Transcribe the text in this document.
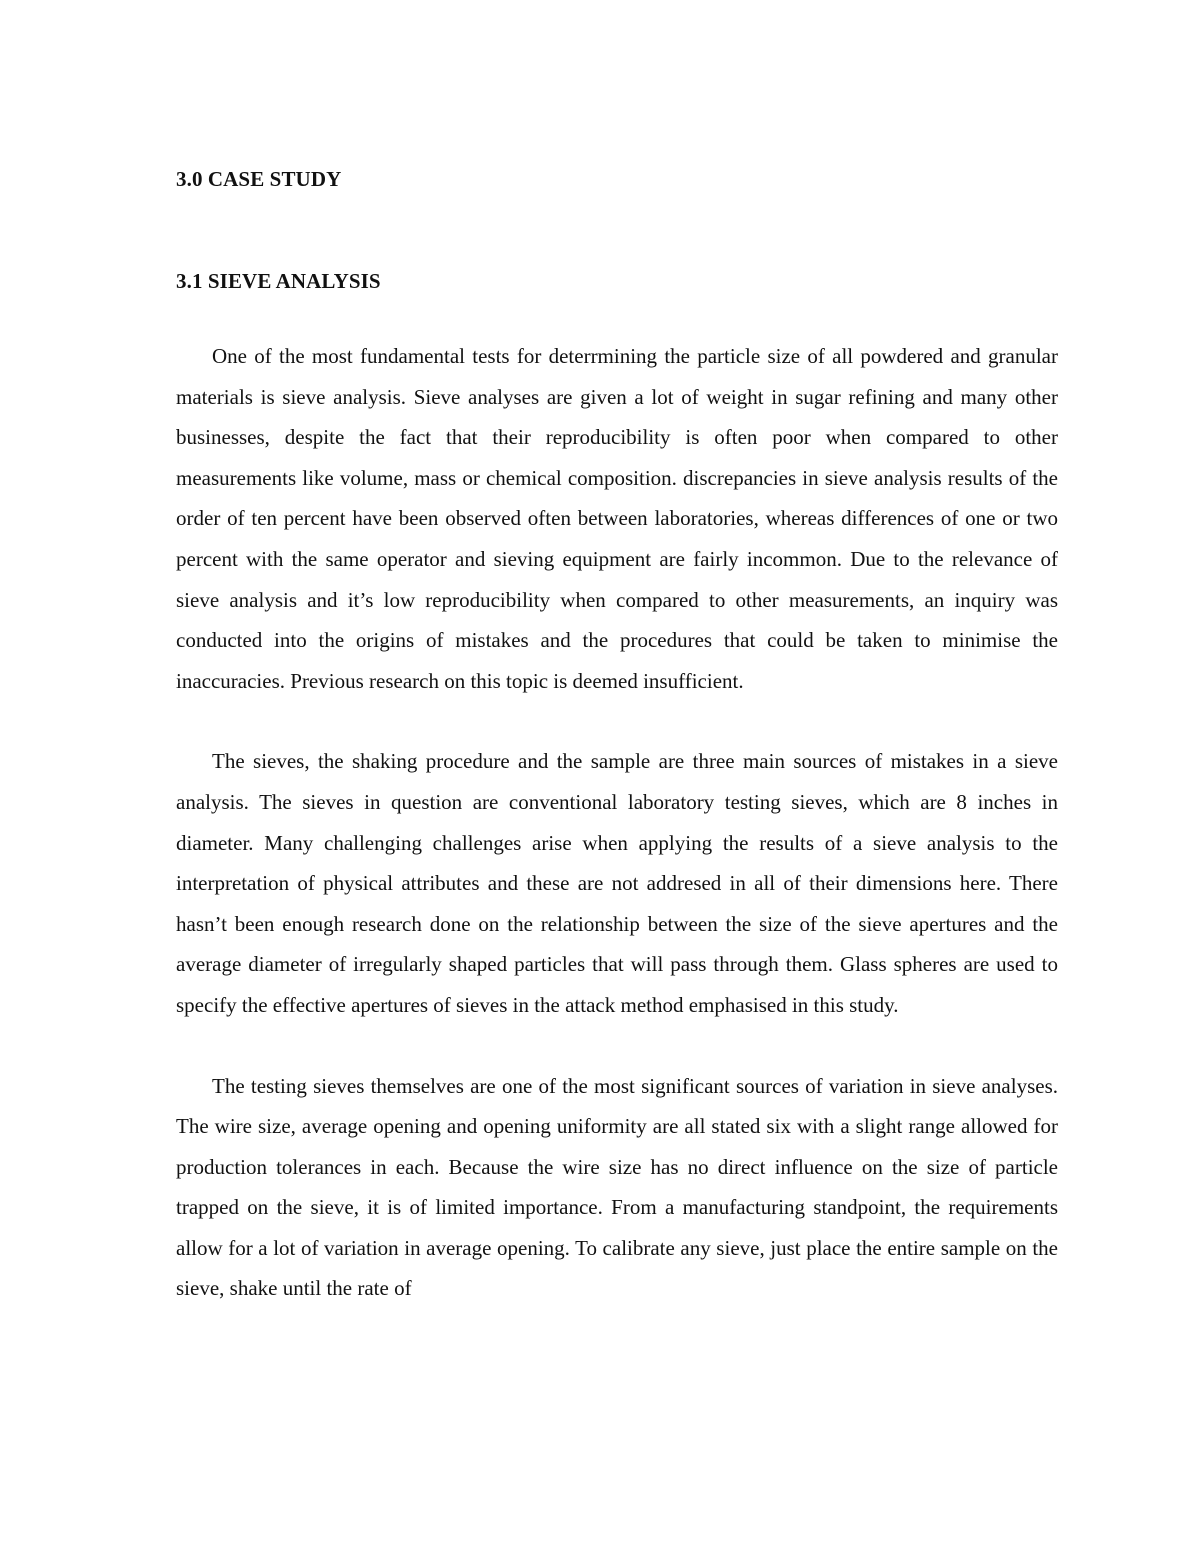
3.0 CASE STUDY
3.1 SIEVE ANALYSIS

One of the most fundamental tests for deterrmining the particle size of all powdered and granular materials is sieve analysis. Sieve analyses are given a lot of weight in sugar refining and many other businesses, despite the fact that their reproducibility is often poor when compared to other measurements like volume, mass or chemical composition. discrepancies in sieve analysis results of the order of ten percent have been observed often between laboratories, whereas differences of one or two percent with the same operator and sieving equipment are fairly incommon. Due to the relevance of sieve analysis and it’s low reproducibility when compared to other measurements, an inquiry was conducted into the origins of mistakes and the procedures that could be taken to minimise the inaccuracies. Previous research on this topic is deemed insufficient.

The sieves, the shaking procedure and the sample are three main sources of mistakes in a sieve analysis. The sieves in question are conventional laboratory testing sieves, which are 8 inches in diameter. Many challenging challenges arise when applying the results of a sieve analysis to the interpretation of physical attributes and these are not addresed in all of their dimensions here. There hasn’t been enough research done on the relationship between the size of the sieve apertures and the average diameter of irregularly shaped particles that will pass through them. Glass spheres are used to specify the effective apertures of sieves in the attack method emphasised in this study.

The testing sieves themselves are one of the most significant sources of variation in sieve analyses. The wire size, average opening and opening uniformity are all stated six with a slight range allowed for production tolerances in each. Because the wire size has no direct influence on the size of particle trapped on the sieve, it is of limited importance. From a manufacturing standpoint, the requirements allow for a lot of variation in average opening. To calibrate any sieve, just place the entire sample on the sieve, shake until the rate of
